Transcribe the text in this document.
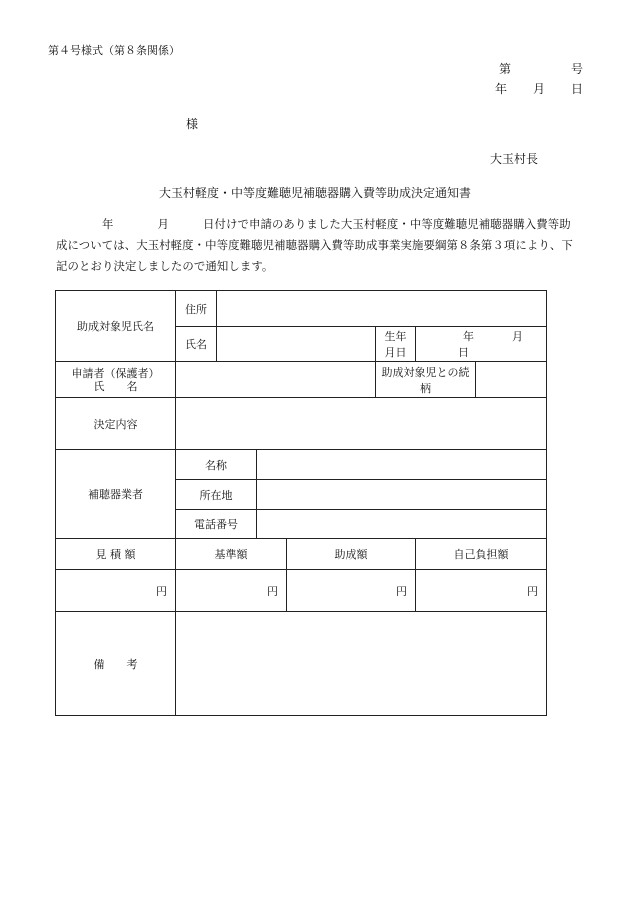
第４号様式（第８条関係）
第	号
年 月 日
様
大玉村長
大玉村軽度・中等度難聴児補聴器購入費等助成決定通知書
年	月	日付けで申請のありました大玉村軽度・中等度難聴児補聴器購入費等助成については、大玉村軽度・中等度難聴児補聴器購入費等助成事業実施要綱第８条第３項により、下記のとおり決定しましたので通知します。
助成対象児氏名	住所						
	氏名				生年月日	年 月日	

申請者（保護者）
氏　　名					助成対象児との続柄		
決定内容							
補聴器業者	名称						
	所在地						
	電話番号						
見 積 額	基準額			助成額		自己負担額	
円	円			円		円	
備　　考							
